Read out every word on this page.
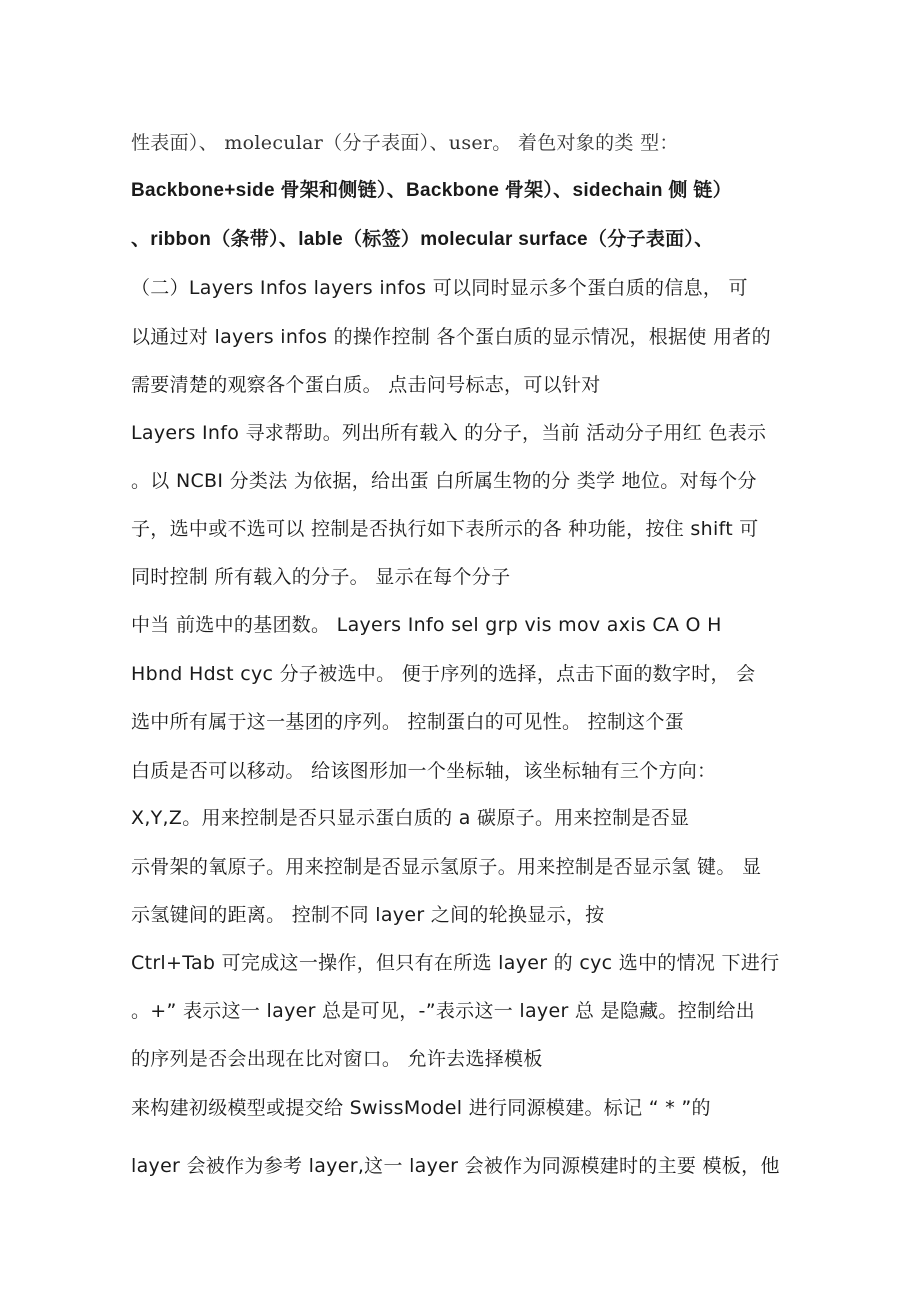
性表面）、 molecular（分子表面）、user。 着色对象的类 型：
Backbone+side 骨架和侧链）、Backbone 骨架）、sidechain 侧 链）
、ribbon（条带）、lable（标签）molecular surface（分子表面）、
（二）Layers Infos layers infos 可以同时显示多个蛋白质的信息， 可
以通过对 layers infos 的操作控制 各个蛋白质的显示情况，根据使 用者的
需要清楚的观察各个蛋白质。 点击问号标志，可以针对
Layers Info 寻求帮助。列出所有载入 的分子，当前 活动分子用红 色表示
。以 NCBI 分类法 为依据，给出蛋 白所属生物的分 类学 地位。对每个分
子，选中或不选可以 控制是否执行如下表所示的各 种功能，按住 shift 可
同时控制 所有载入的分子。 显示在每个分子
中当 前选中的基团数。 Layers Info sel grp vis mov axis CA O H
Hbnd Hdst cyc 分子被选中。 便于序列的选择，点击下面的数字时， 会
选中所有属于这一基团的序列。 控制蛋白的可见性。 控制这个蛋
白质是否可以移动。 给该图形加一个坐标轴，该坐标轴有三个方向：
X,Y,Z。用来控制是否只显示蛋白质的 a 碳原子。用来控制是否显
示骨架的氧原子。用来控制是否显示氢原子。用来控制是否显示氢 键。 显
示氢键间的距离。 控制不同 layer 之间的轮换显示，按
Ctrl+Tab 可完成这一操作，但只有在所选 layer 的 cyc 选中的情况 下进行
。+” 表示这一 layer 总是可见，-”表示这一 layer 总 是隐藏。控制给出
的序列是否会出现在比对窗口。 允许去选择模板
来构建初级模型或提交给 SwissModel 进行同源模建。标记 “ * ”的
layer 会被作为参考 layer,这一 layer 会被作为同源模建时的主要 模板，他
